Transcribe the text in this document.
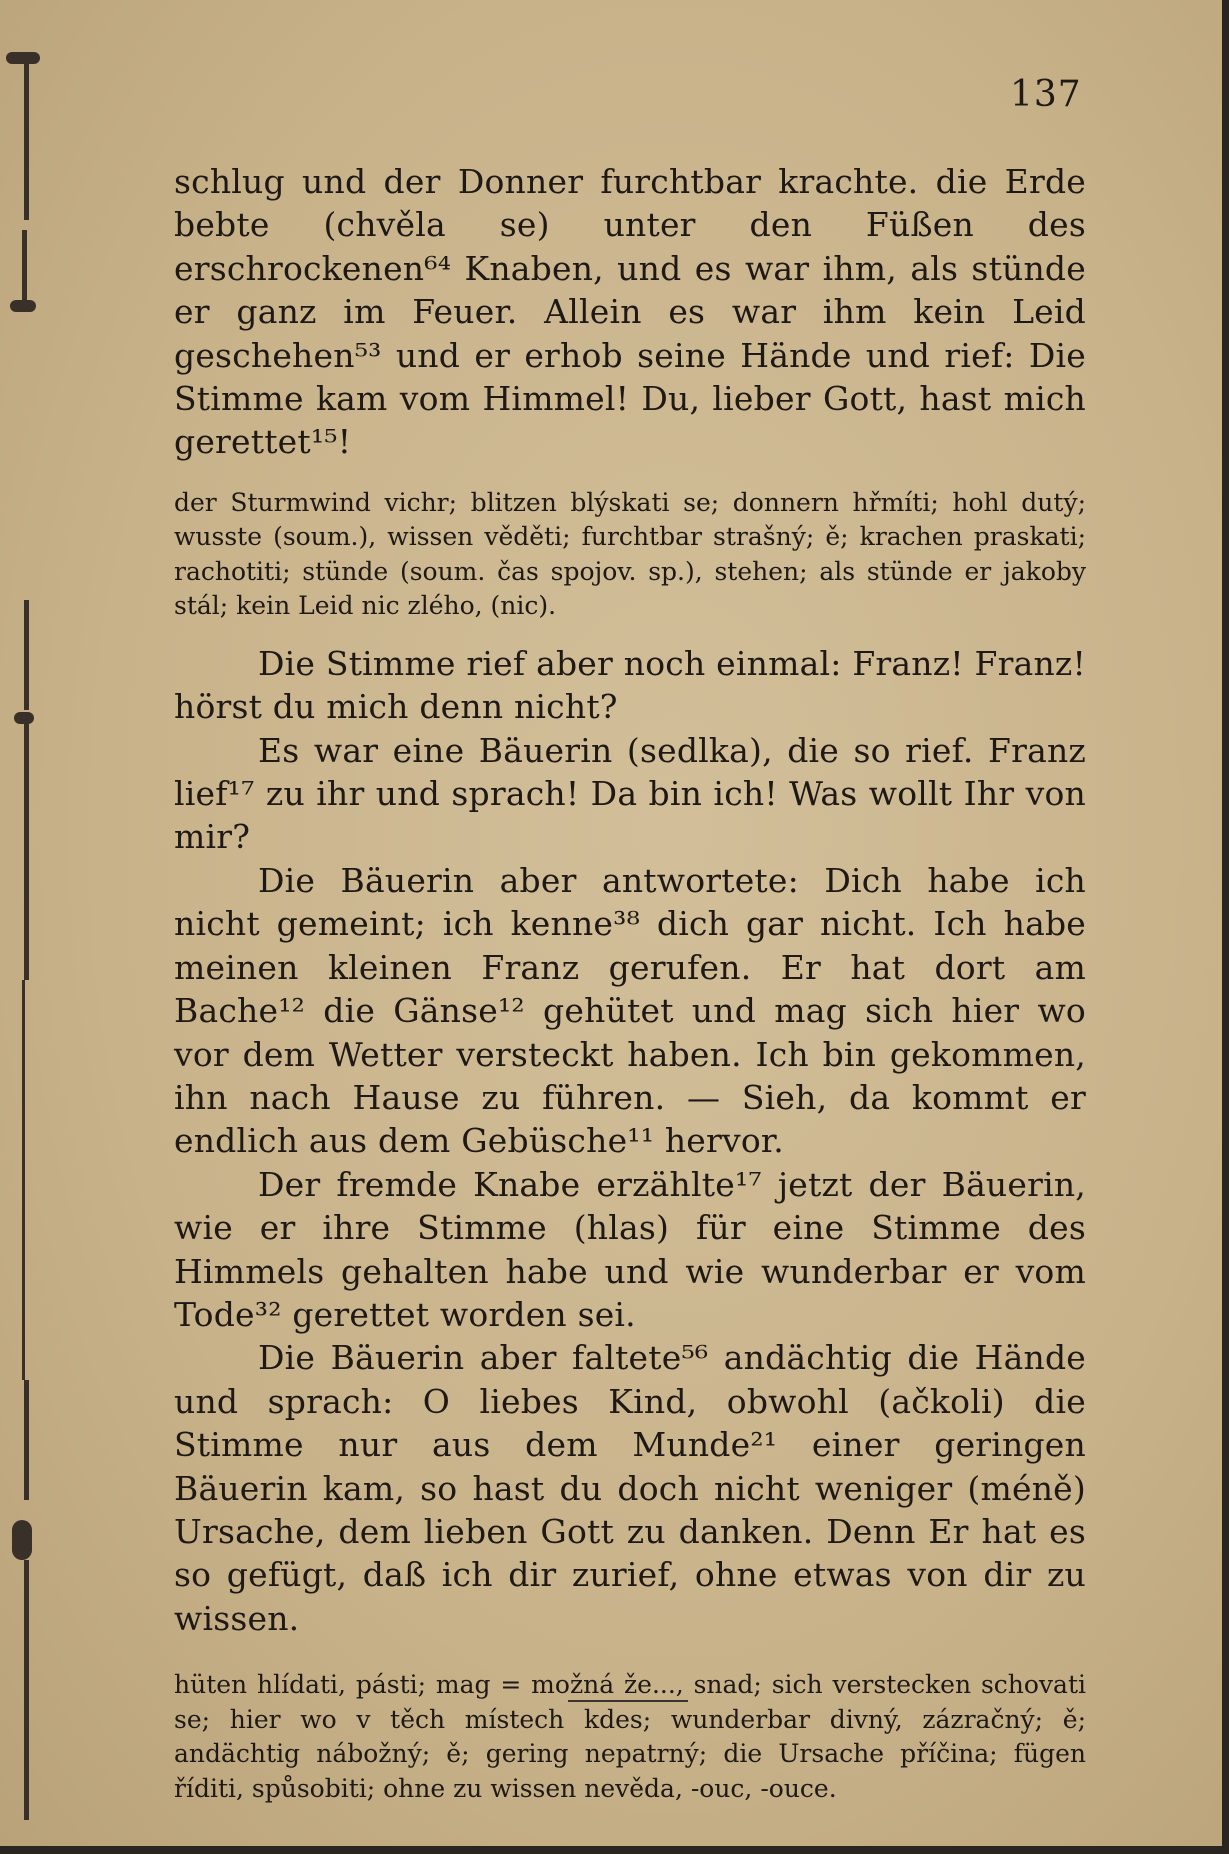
137

schlug und der Donner furchtbar krachte. die Erde bebte (chvěla se) unter den Füßen des erschrockenen⁶⁴ Knaben, und es war ihm, als stünde er ganz im Feuer. Allein es war ihm kein Leid geschehen⁵³ und er erhob seine Hände und rief: Die Stimme kam vom Himmel! Du, lieber Gott, hast mich gerettet¹⁵!

der Sturmwind vichr; blitzen blýskati se; donnern hřmíti; hohl dutý; wusste (soum.), wissen věděti; furchtbar strašný; ě; krachen praskati; rachotiti; stünde (soum. čas spojov. sp.), stehen; als stünde er jakoby stál; kein Leid nic zlého, (nic).

Die Stimme rief aber noch einmal: Franz! Franz! hörst du mich denn nicht?

Es war eine Bäuerin (sedlka), die so rief. Franz lief¹⁷ zu ihr und sprach! Da bin ich! Was wollt Ihr von mir?

Die Bäuerin aber antwortete: Dich habe ich nicht gemeint; ich kenne³⁸ dich gar nicht. Ich habe meinen kleinen Franz gerufen. Er hat dort am Bache¹² die Gänse¹² gehütet und mag sich hier wo vor dem Wetter versteckt haben. Ich bin gekommen, ihn nach Hause zu führen. — Sieh, da kommt er endlich aus dem Gebüsche¹¹ hervor.

Der fremde Knabe erzählte¹⁷ jetzt der Bäuerin, wie er ihre Stimme (hlas) für eine Stimme des Himmels gehalten habe und wie wunderbar er vom Tode³² gerettet worden sei.

Die Bäuerin aber faltete⁵⁶ andächtig die Hände und sprach: O liebes Kind, obwohl (ačkoli) die Stimme nur aus dem Munde²¹ einer geringen Bäuerin kam, so hast du doch nicht weniger (méně) Ursache, dem lieben Gott zu danken. Denn Er hat es so gefügt, daß ich dir zurief, ohne etwas von dir zu wissen.

hüten hlídati, pásti; mag = možná že..., snad; sich verstecken schovati se; hier wo v těch místech kdes; wunderbar divný, zázračný; ě; andächtig nábožný; ě; gering nepatrný; die Ursache příčina; fügen říditi, spůsobiti; ohne zu wissen nevěda, -ouc, -ouce.
